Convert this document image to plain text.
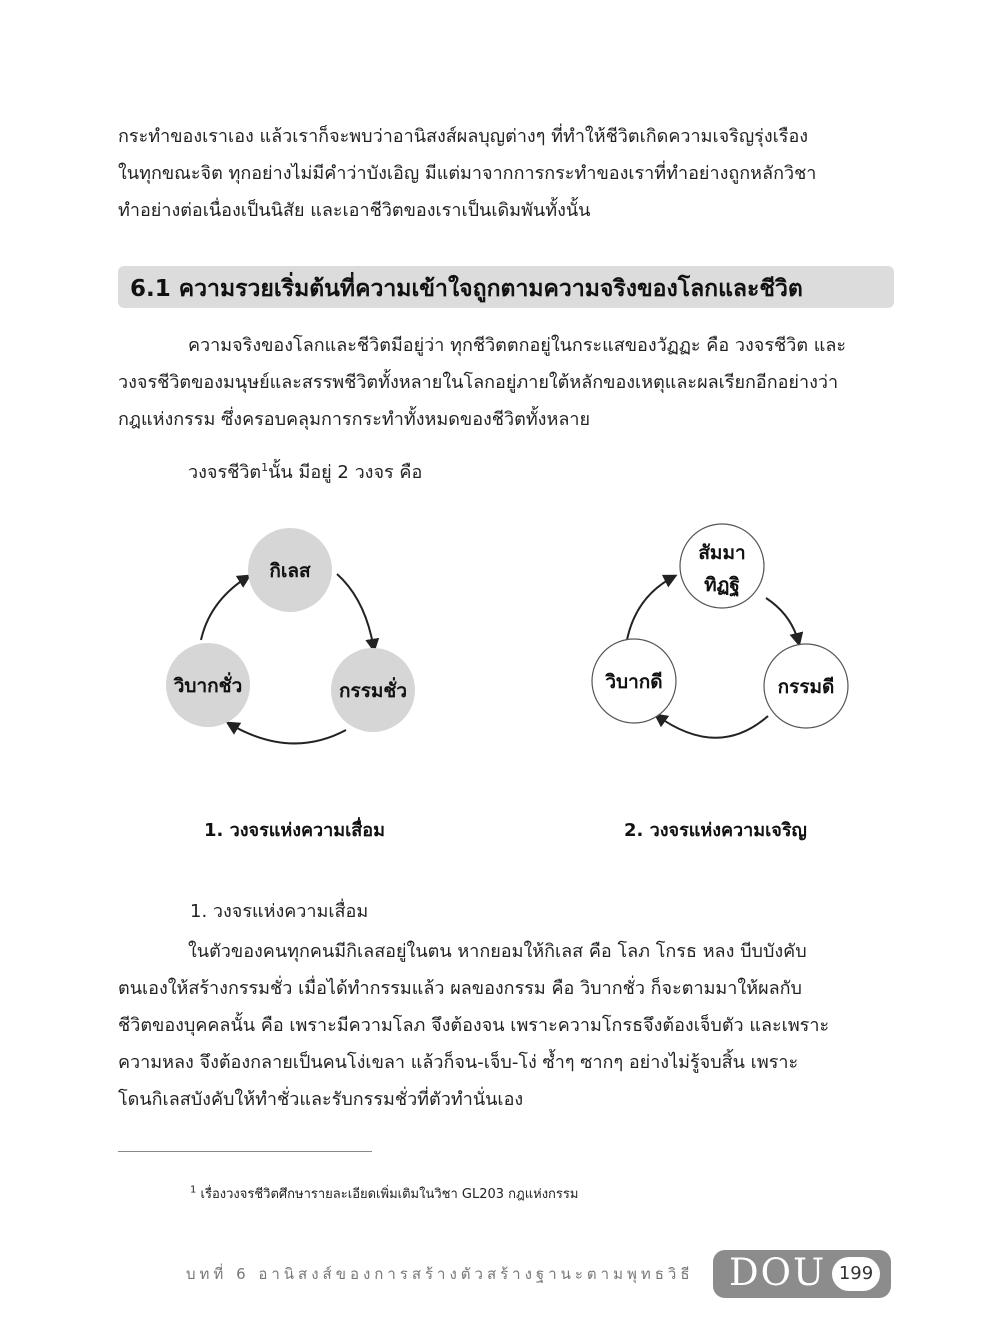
กระทำของเราเอง แล้วเราก็จะพบว่าอานิสงส์ผลบุญต่างๆ ที่ทำให้ชีวิตเกิดความเจริญรุ่งเรือง
ในทุกขณะจิต ทุกอย่างไม่มีคำว่าบังเอิญ มีแต่มาจากการกระทำของเราที่ทำอย่างถูกหลักวิชา
ทำอย่างต่อเนื่องเป็นนิสัย และเอาชีวิตของเราเป็นเดิมพันทั้งนั้น
6.1 ความรวยเริ่มต้นที่ความเข้าใจถูกตามความจริงของโลกและชีวิต
ความจริงของโลกและชีวิตมีอยู่ว่า ทุกชีวิตตกอยู่ในกระแสของวัฏฏะ คือ วงจรชีวิต และ
วงจรชีวิตของมนุษย์และสรรพชีวิตทั้งหลายในโลกอยู่ภายใต้หลักของเหตุและผลเรียกอีกอย่างว่า
กฎแห่งกรรม ซึ่งครอบคลุมการกระทำทั้งหมดของชีวิตทั้งหลาย
วงจรชีวิต$^1$นั้น มีอยู่ 2 วงจร คือ
กิเลส
กรรมชั่ว
วิบากชั่ว
สัมมา
ทิฏฐิ
กรรมดี
วิบากดี
1. วงจรแห่งความเสื่อม	2. วงจรแห่งความเจริญ
1. วงจรแห่งความเสื่อม
ในตัวของคนทุกคนมีกิเลสอยู่ในตน หากยอมให้กิเลส คือ โลภ โกรธ หลง บีบบังคับ
ตนเองให้สร้างกรรมชั่ว เมื่อได้ทำกรรมแล้ว ผลของกรรม คือ วิบากชั่ว ก็จะตามมาให้ผลกับ
ชีวิตของบุคคลนั้น คือ เพราะมีความโลภ จึงต้องจน เพราะความโกรธจึงต้องเจ็บตัว และเพราะ
ความหลง จึงต้องกลายเป็นคนโง่เขลา แล้วก็จน-เจ็บ-โง่ ซ้ำๆ ซากๆ อย่างไม่รู้จบสิ้น เพราะ
โดนกิเลสบังคับให้ทำชั่วและรับกรรมชั่วที่ตัวทำนั่นเอง
$^1$ เรื่องวงจรชีวิตศึกษารายละเอียดเพิ่มเติมในวิชา GL203 กฎแห่งกรรม
บทที่ 6 อานิสงส์ของการสร้างตัวสร้างฐานะตามพุทธวิธี DOU 199
